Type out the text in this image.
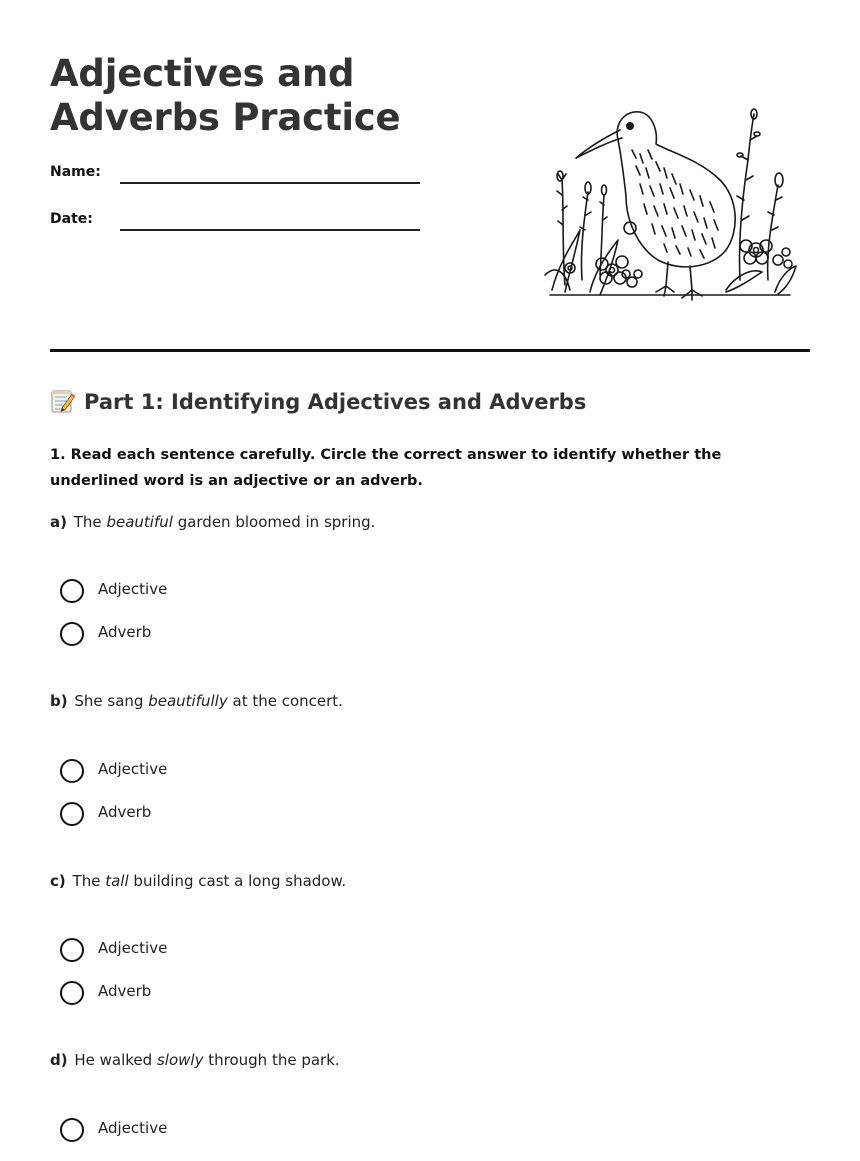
Adjectives and Adverbs Practice
Name:
Date:
Part 1: Identifying Adjectives and Adverbs
1. Read each sentence carefully. Circle the correct answer to identify whether the underlined word is an adjective or an adverb.
a) The beautiful garden bloomed in spring.
Adjective
Adverb
b) She sang beautifully at the concert.
Adjective
Adverb
c) The tall building cast a long shadow.
Adjective
Adverb
d) He walked slowly through the park.
Adjective
